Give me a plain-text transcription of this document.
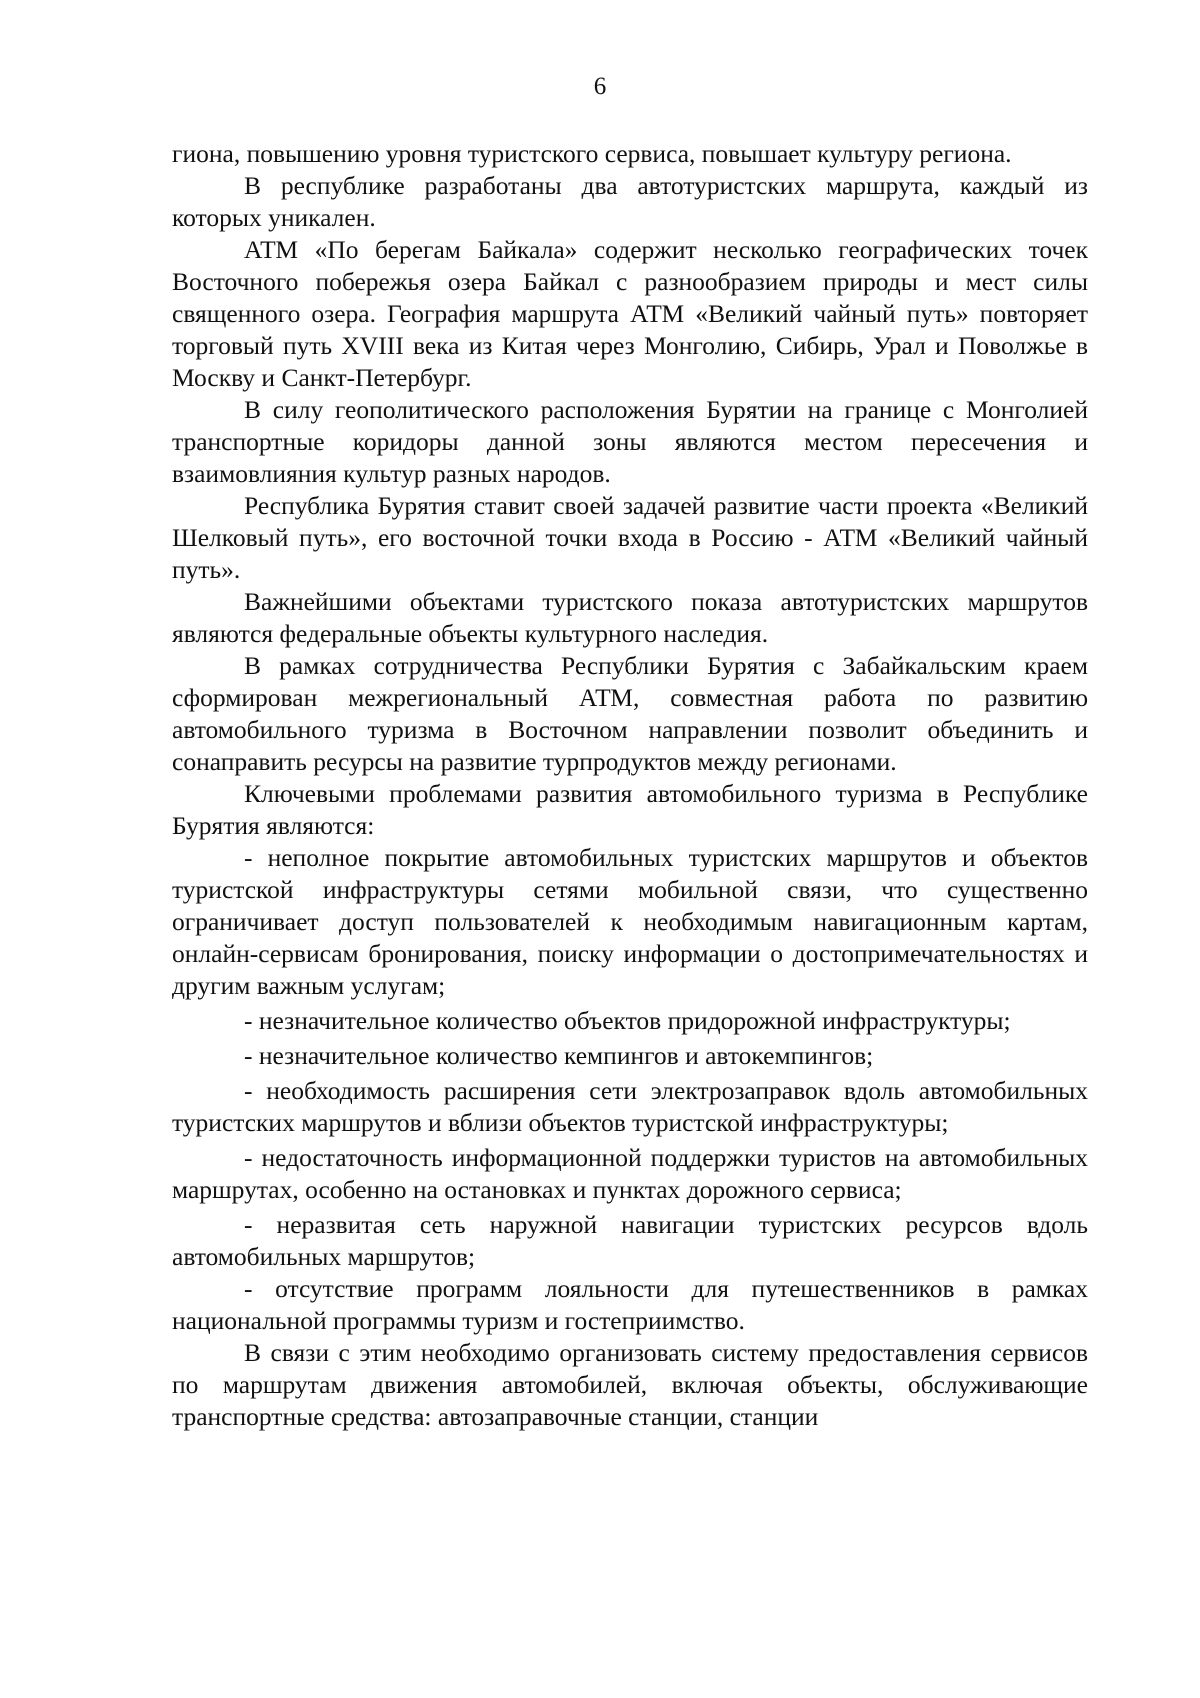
6

гиона, повышению уровня туристского сервиса, повышает культуру региона.

В республике разработаны два автотуристских маршрута, каждый из которых уникален.

АТМ «По берегам Байкала» содержит несколько географических точек Восточного побережья озера Байкал с разнообразием природы и мест силы священного озера. География маршрута АТМ «Великий чайный путь» повторяет торговый путь XVIII века из Китая через Монголию, Сибирь, Урал и Поволжье в Москву и Санкт-Петербург.

В силу геополитического расположения Бурятии на границе с Монголией транспортные коридоры данной зоны являются местом пересечения и взаимовлияния культур разных народов.

Республика Бурятия ставит своей задачей развитие части проекта «Великий Шелковый путь», его восточной точки входа в Россию - АТМ «Великий чайный путь».

Важнейшими объектами туристского показа автотуристских маршрутов являются федеральные объекты культурного наследия.

В рамках сотрудничества Республики Бурятия с Забайкальским краем сформирован межрегиональный АТМ, совместная работа по развитию автомобильного туризма в Восточном направлении позволит объединить и сонаправить ресурсы на развитие турпродуктов между регионами.

Ключевыми проблемами развития автомобильного туризма в Республике Бурятия являются:

- неполное покрытие автомобильных туристских маршрутов и объектов туристской инфраструктуры сетями мобильной связи, что существенно ограничивает доступ пользователей к необходимым навигационным картам, онлайн-сервисам бронирования, поиску информации о достопримечательностях и другим важным услугам;

- незначительное количество объектов придорожной инфраструктуры;

- незначительное количество кемпингов и автокемпингов;

- необходимость расширения сети электрозаправок вдоль автомобильных туристских маршрутов и вблизи объектов туристской инфраструктуры;

- недостаточность информационной поддержки туристов на автомобильных маршрутах, особенно на остановках и пунктах дорожного сервиса;

- неразвитая сеть наружной навигации туристских ресурсов вдоль автомобильных маршрутов;

- отсутствие программ лояльности для путешественников в рамках национальной программы туризм и гостеприимство.

В связи с этим необходимо организовать систему предоставления сервисов по маршрутам движения автомобилей, включая объекты, обслуживающие транспортные средства: автозаправочные станции, станции
